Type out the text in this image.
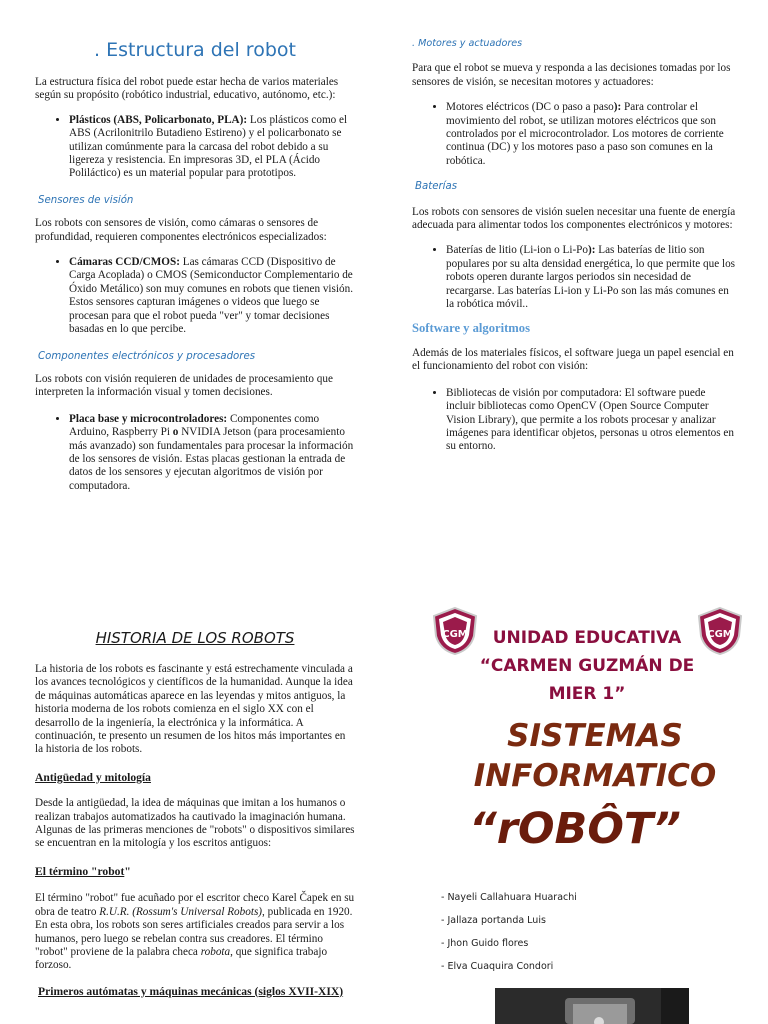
. Estructura del robot

La estructura física del robot puede estar hecha de varios materiales según su propósito (robótico industrial, educativo, autónomo, etc.):

• Plásticos (ABS, Policarbonato, PLA): Los plásticos como el ABS (Acrilonitrilo Butadieno Estireno) y el policarbonato se utilizan comúnmente para la carcasa del robot debido a su ligereza y resistencia. En impresoras 3D, el PLA (Ácido Poliláctico) es un material popular para prototipos.
Sensores de visión

Los robots con sensores de visión, como cámaras o sensores de profundidad, requieren componentes electrónicos especializados:

• Cámaras CCD/CMOS: Las cámaras CCD (Dispositivo de Carga Acoplada) o CMOS (Semiconductor Complementario de Óxido Metálico) son muy comunes en robots que tienen visión. Estos sensores capturan imágenes o videos que luego se procesan para que el robot pueda "ver" y tomar decisiones basadas en lo que percibe.
Componentes electrónicos y procesadores

Los robots con visión requieren de unidades de procesamiento que interpreten la información visual y tomen decisiones.

• Placa base y microcontroladores: Componentes como Arduino, Raspberry Pi o NVIDIA Jetson (para procesamiento más avanzado) son fundamentales para procesar la información de los sensores de visión. Estas placas gestionan la entrada de datos de los sensores y ejecutan algoritmos de visión por computadora.
. Motores y actuadores

Para que el robot se mueva y responda a las decisiones tomadas por los sensores de visión, se necesitan motores y actuadores:

• Motores eléctricos (DC o paso a paso): Para controlar el movimiento del robot, se utilizan motores eléctricos que son controlados por el microcontrolador. Los motores de corriente continua (DC) y los motores paso a paso son comunes en la robótica.
Baterías

Los robots con sensores de visión suelen necesitar una fuente de energía adecuada para alimentar todos los componentes electrónicos y motores:

• Baterías de litio (Li-ion o Li-Po): Las baterías de litio son populares por su alta densidad energética, lo que permite que los robots operen durante largos periodos sin necesidad de recargarse. Las baterías Li-ion y Li-Po son las más comunes en la robótica móvil..
Software y algoritmos

Además de los materiales físicos, el software juega un papel esencial en el funcionamiento del robot con visión:

• Bibliotecas de visión por computadora: El software puede incluir bibliotecas como OpenCV (Open Source Computer Vision Library), que permite a los robots procesar y analizar imágenes para identificar objetos, personas u otros elementos en su entorno.
HISTORIA DE LOS ROBOTS

La historia de los robots es fascinante y está estrechamente vinculada a los avances tecnológicos y científicos de la humanidad. Aunque la idea de máquinas automáticas aparece en las leyendas y mitos antiguos, la historia moderna de los robots comienza en el siglo XX con el desarrollo de la ingeniería, la electrónica y la informática. A continuación, te presento un resumen de los hitos más importantes en la historia de los robots.

Antigüedad y mitología

Desde la antigüedad, la idea de máquinas que imitan a los humanos o realizan trabajos automatizados ha cautivado la imaginación humana. Algunas de las primeras menciones de "robots" o dispositivos similares se encuentran en la mitología y los escritos antiguos:

El término "robot"

El término "robot" fue acuñado por el escritor checo Karel Čapek en su obra de teatro R.U.R. (Rossum's Universal Robots), publicada en 1920. En esta obra, los robots son seres artificiales creados para servir a los humanos, pero luego se rebelan contra sus creadores. El término "robot" proviene de la palabra checa robota, que significa trabajo forzoso.

Primeros autómatas y máquinas mecánicas (siglos XVII-XIX)
CGM	CGM
UNIDAD EDUCATIVA
“CARMEN GUZMÁN DE
MIER 1”
SISTEMAS
INFORMATICO
“rOBÔT”
- Nayeli Callahuara Huarachi
- Jallaza portanda Luis
- Jhon Guido flores
- Elva Cuaquira Condori
